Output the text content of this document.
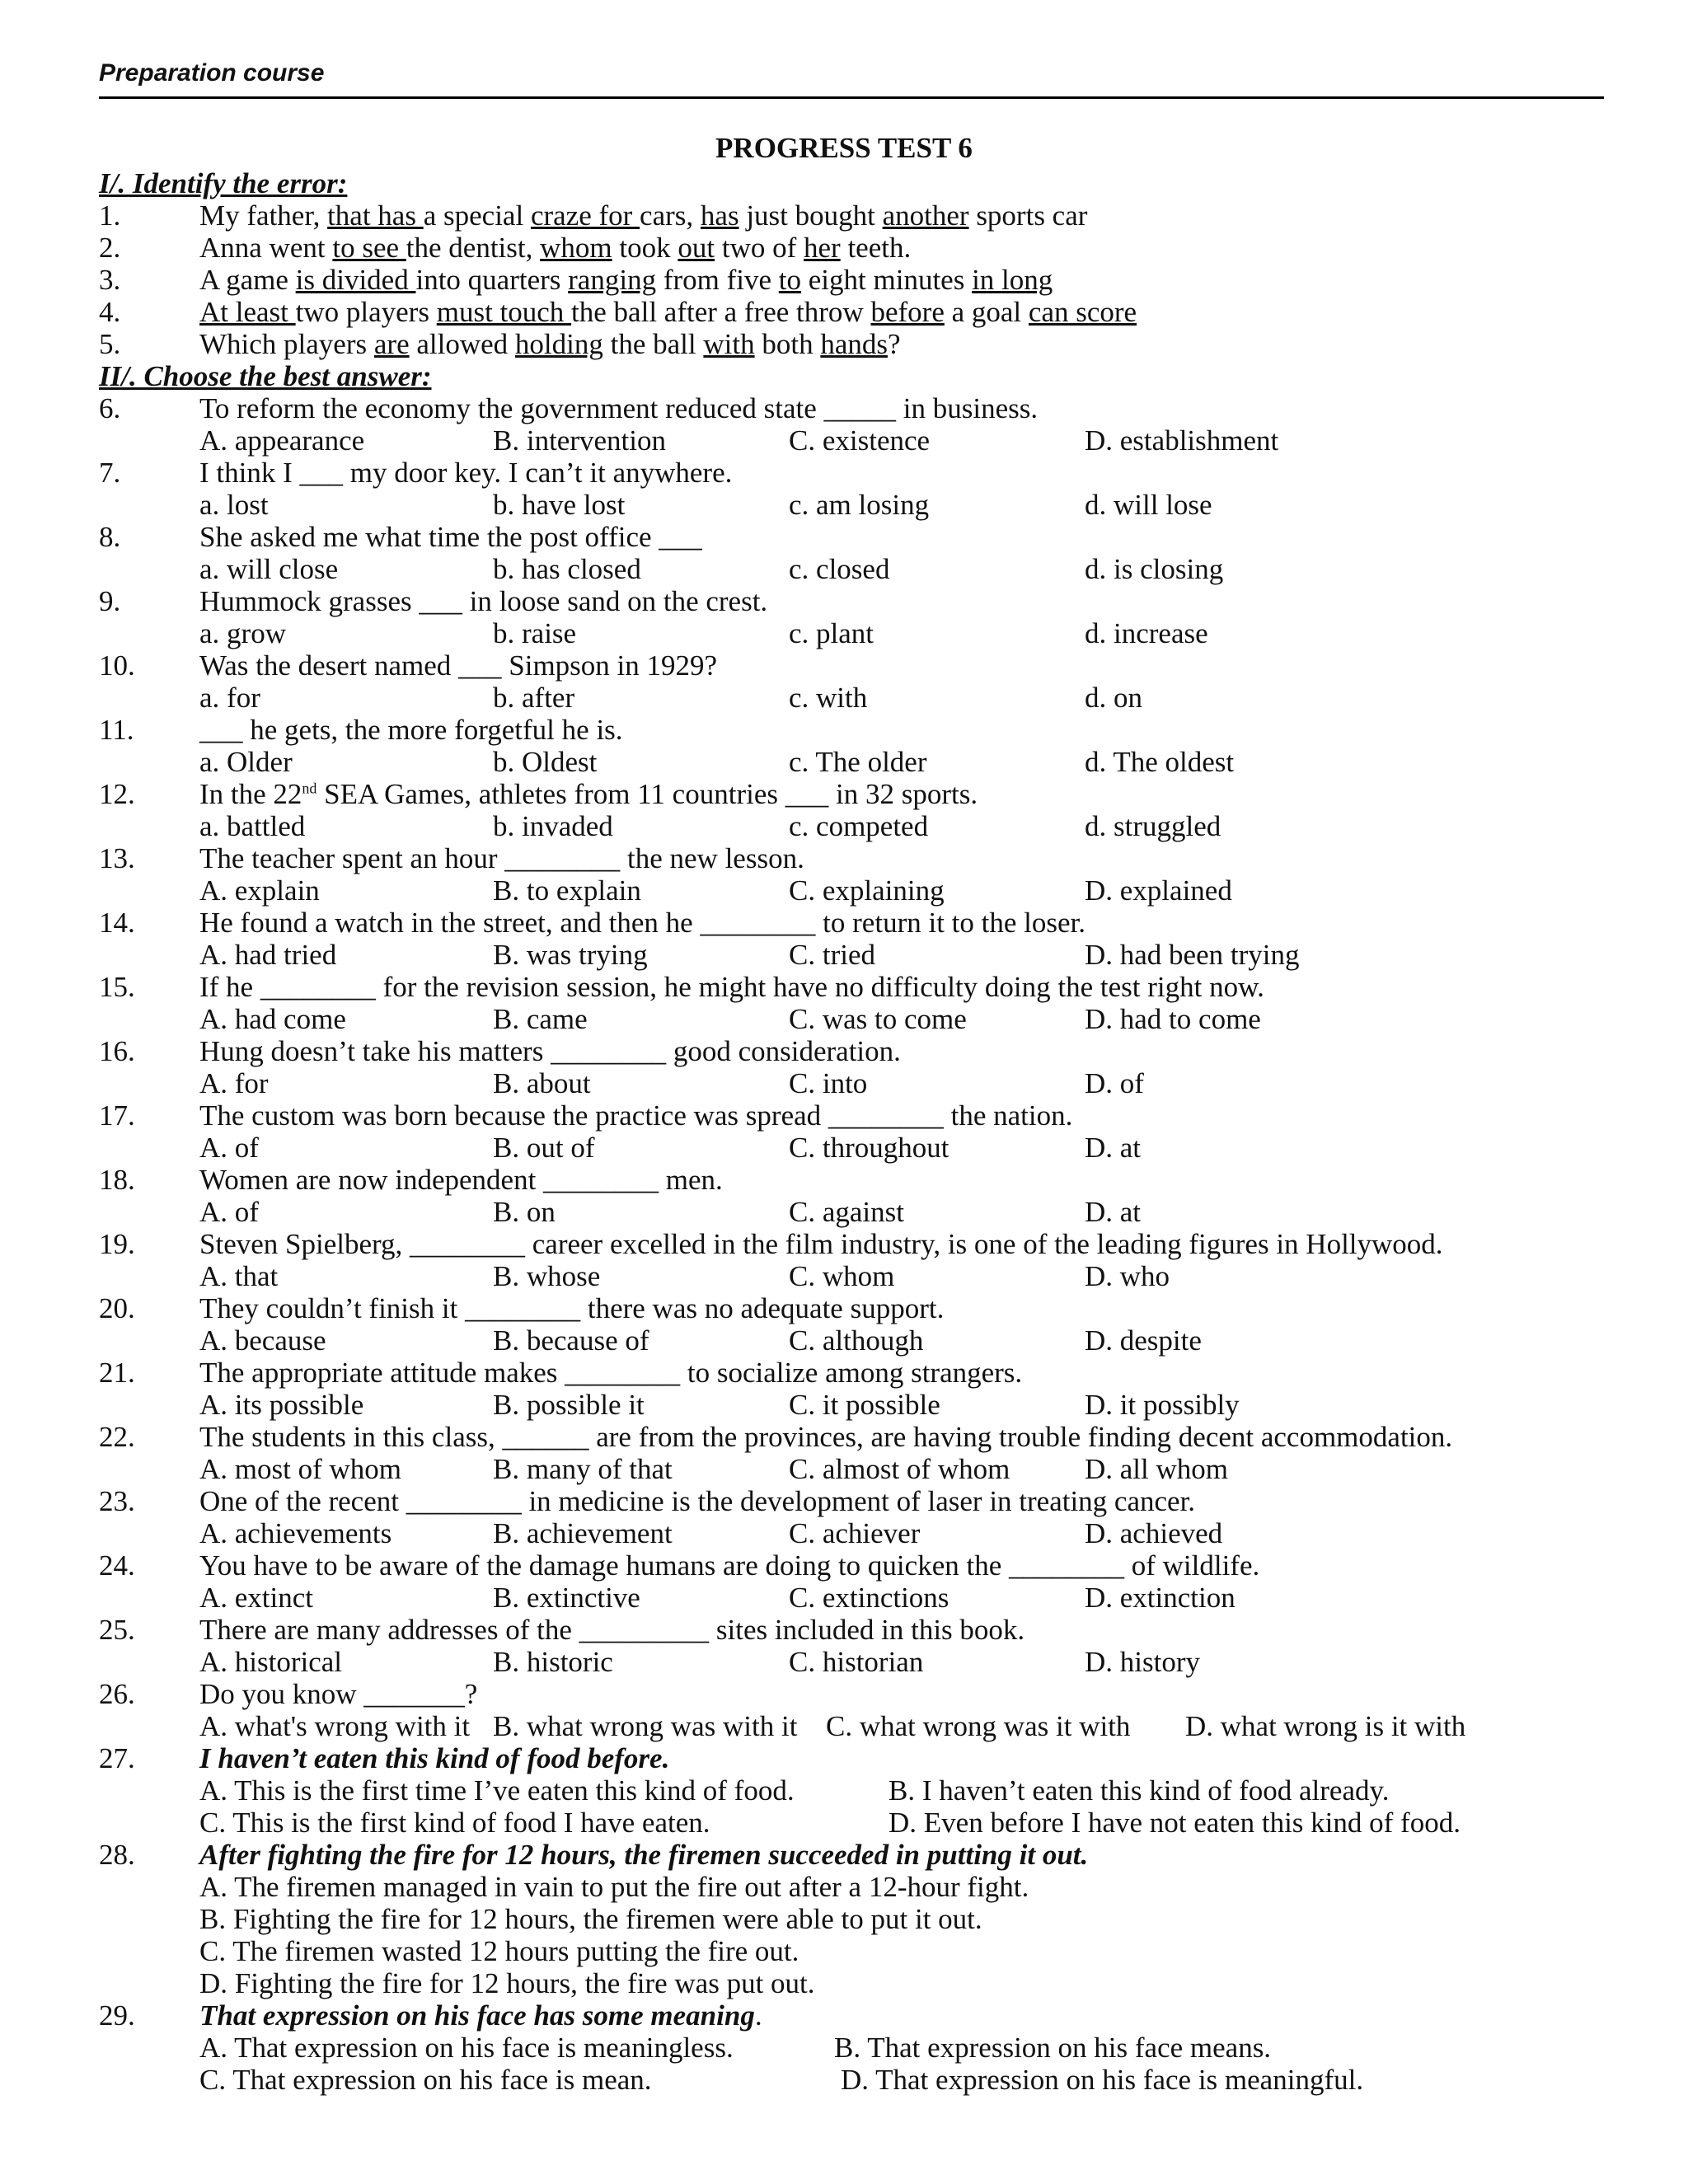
Preparation course
PROGRESS TEST 6
I/. Identify the error:
1.	My father, that has a special craze for cars, has just bought another sports car
2.	Anna went to see the dentist, whom took out two of her teeth.
3.	A game is divided into quarters ranging from five to eight minutes in long
4.	At least two players must touch the ball after a free throw before a goal can score
5.	Which players are allowed holding the ball with both hands?
II/. Choose the best answer:
6.	To reform the economy the government reduced state _____ in business.
A. appearance	B. intervention	C. existence	D. establishment
7.	I think I ___ my door key. I can’t it anywhere.
a. lost	b. have lost	c. am losing	d. will lose
8.	She asked me what time the post office ___
a. will close	b. has closed	c. closed	d. is closing
9.	Hummock grasses ___ in loose sand on the crest.
a. grow	b. raise	c. plant	d. increase
10. Was the desert named ___ Simpson in 1929?
a. for	b. after	c. with	d. on
11. ___ he gets, the more forgetful he is.
a. Older	b. Oldest	c. The older	d. The oldest
12. In the 22nd SEA Games, athletes from 11 countries ___ in 32 sports.
a. battled	b. invaded	c. competed	d. struggled
13. The teacher spent an hour ________ the new lesson.
A. explain	B. to explain	C. explaining	D. explained
14. He found a watch in the street, and then he ________ to return it to the loser.
A. had tried	B. was trying	C. tried	D. had been trying
15. If he ________ for the revision session, he might have no difficulty doing the test right now.
A. had come	B. came	C. was to come	D. had to come
16. Hung doesn’t take his matters ________ good consideration.
A. for	B. about	C. into	D. of
17. The custom was born because the practice was spread ________ the nation.
A. of	B. out of	C. throughout	D. at
18. Women are now independent ________ men.
A. of	B. on	C. against	D. at
19. Steven Spielberg, ________ career excelled in the film industry, is one of the leading figures in Hollywood.
A. that	B. whose	C. whom	D. who
20. They couldn’t finish it ________ there was no adequate support.
A. because	B. because of	C. although	D. despite
21. The appropriate attitude makes ________ to socialize among strangers.
A. its possible	B. possible it	C. it possible	D. it possibly
22. The students in this class, ______ are from the provinces, are having trouble finding decent accommodation.
A. most of whom	B. many of that	C. almost of whom	D. all whom
23. One of the recent ________ in medicine is the development of laser in treating cancer.
A. achievements	B. achievement	C. achiever	D. achieved
24. You have to be aware of the damage humans are doing to quicken the ________ of wildlife.
A. extinct	B. extinctive	C. extinctions	D. extinction
25. There are many addresses of the _________ sites included in this book.
A. historical	B. historic	C. historian	D. history
26. Do you know _______?
A. what's wrong with it B. what wrong was with it C. what wrong was it with D. what wrong is it with
27. I haven’t eaten this kind of food before.
A. This is the first time I’ve eaten this kind of food.	B. I haven’t eaten this kind of food already.
C. This is the first kind of food I have eaten.	D. Even before I have not eaten this kind of food.
28. After fighting the fire for 12 hours, the firemen succeeded in putting it out.
A. The firemen managed in vain to put the fire out after a 12-hour fight.
B. Fighting the fire for 12 hours, the firemen were able to put it out.
C. The firemen wasted 12 hours putting the fire out.
D. Fighting the fire for 12 hours, the fire was put out.
29. That expression on his face has some meaning.
A. That expression on his face is meaningless.	B. That expression on his face means.
C. That expression on his face is mean.	D. That expression on his face is meaningful.
